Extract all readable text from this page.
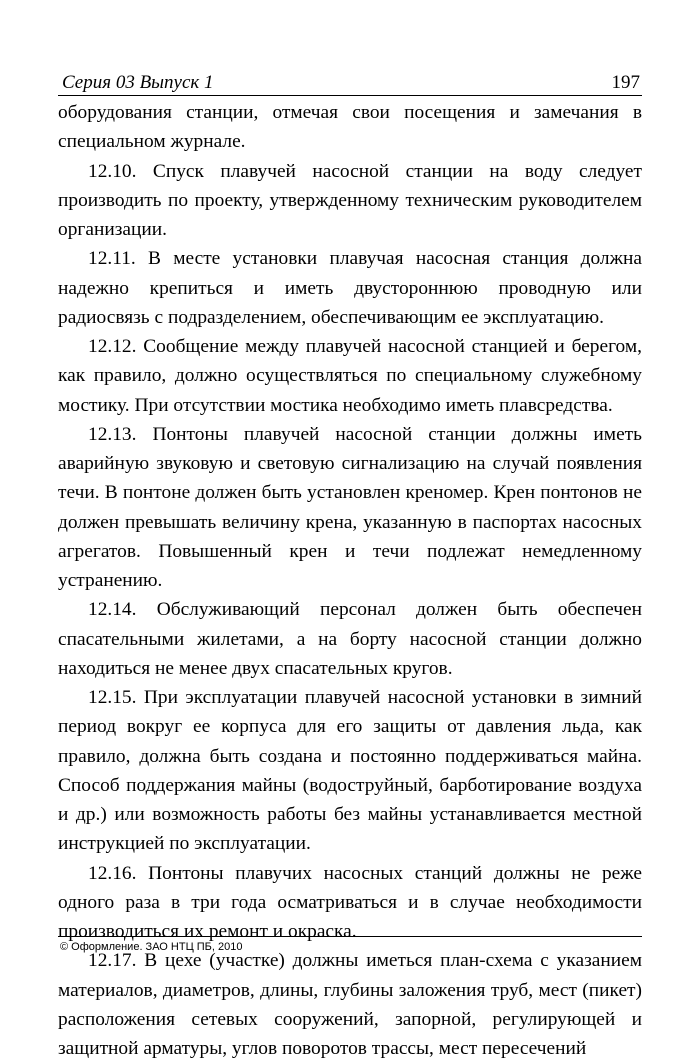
Серия 03 Выпуск 1	197

оборудования станции, отмечая свои посещения и замечания в специальном журнале.

12.10. Спуск плавучей насосной станции на воду следует производить по проекту, утвержденному техническим руководителем организации.

12.11. В месте установки плавучая насосная станция должна надежно крепиться и иметь двустороннюю проводную или радиосвязь с подразделением, обеспечивающим ее эксплуатацию.

12.12. Сообщение между плавучей насосной станцией и берегом, как правило, должно осуществляться по специальному служебному мостику. При отсутствии мостика необходимо иметь плавсредства.

12.13. Понтоны плавучей насосной станции должны иметь аварийную звуковую и световую сигнализацию на случай появления течи. В понтоне должен быть установлен креномер. Крен понтонов не должен превышать величину крена, указанную в паспортах насосных агрегатов. Повышенный крен и течи подлежат немедленному устранению.

12.14. Обслуживающий персонал должен быть обеспечен спасательными жилетами, а на борту насосной станции должно находиться не менее двух спасательных кругов.

12.15. При эксплуатации плавучей насосной установки в зимний период вокруг ее корпуса для его защиты от давления льда, как правило, должна быть создана и постоянно поддерживаться майна. Способ поддержания майны (водоструйный, барботирование воздуха и др.) или возможность работы без майны устанавливается местной инструкцией по эксплуатации.

12.16. Понтоны плавучих насосных станций должны не реже одного раза в три года осматриваться и в случае необходимости производиться их ремонт и окраска.

12.17. В цехе (участке) должны иметься план-схема с указанием материалов, диаметров, длины, глубины заложения труб, мест (пикет) расположения сетевых сооружений, запорной, регулирующей и защитной арматуры, углов поворотов трассы, мест пересечений

© Оформление. ЗАО НТЦ ПБ, 2010
